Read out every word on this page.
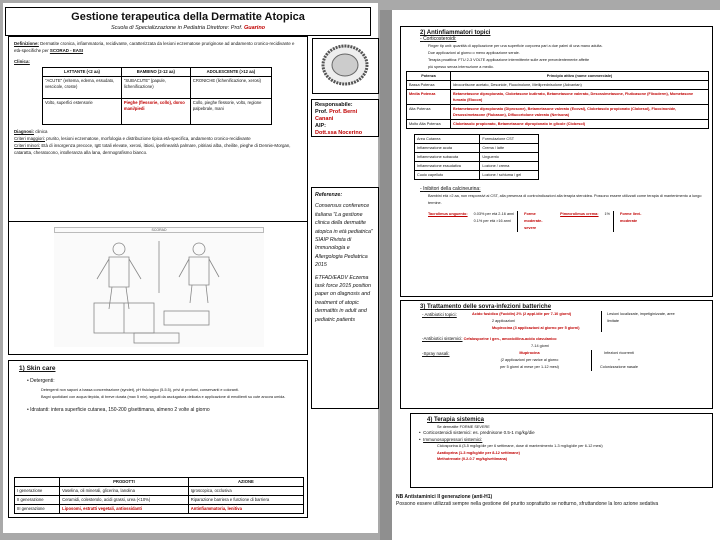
Gestione terapeutica della Dermatite Atopica
Scuola di Specializzazione in Pediatria Direttore: Prof. Guarino
Definizione: Dermatite cronica, infiammatoria, recidivante, caratterizzata da lesioni eczematose pruriginose ad andamento cronico-recidivante e età-specifiche per SCORAD - EASI
Clinica:
LATTANTE (<2 aa)	BAMBINO (2-12 aa)	ADOLESCENTE (>12 aa)
"ACUTE" (eritema, edema, essudato, vescicole, croste)	"SUBACUTE" (papule, lichenificazione)	CRONICHE (lichenificazione, xerosi)
Volto, superfici estensorie	Pieghe (flessorie, collo), dorso mani/piedi	Collo, pieghe flessorie, volto, regione palpebrale, mani
Diagnosi: clinica
Criteri maggiori: prurito, lesioni eczematose, morfologia e distribuzione tipica età-specifica, andamento cronico-recidivante
Criteri minori: Età di insorgenza precoce, IgE totali elevate, xerosi, ittiosi, iperlinearità palmare, pitiriasi alba, cheilite, pieghe di Dennie-Morgan, cataratta, cheratocono, intolleranza alla lana, dermografismo bianco.
SCORAD
Responsabile:
Prof. Prof. Berni Canani
AIP:
Dott.ssa Nocerino
Referenze:
Consensus conference italiana "La gestione clinica della dermatite atopica in età pediatrica" SIAIP Rivista di Immunologia e Allergologia Pediatrica 2015
ETFAD/EADV Eczema task force 2015 position paper on diagnosis and treatment of atopic dermatitis in adult and pediatric patients
1) Skin care
• Detergenti:
Detergenti non saponi a bassa concentrazione (syndet), pH fisiologico (5-5.5), privi di profumi, conservanti e coloranti.
Bagni quotidiani con acqua tiepida, di breve durata (max 5 min), seguiti da asciugatura delicata e applicazione di emollienti su cute ancora umida.
• Idratanti: intera superficie cutanea, 150-200 g/settimana, almeno 2 volte al giorno
	PRODOTTI	AZIONE
I generazione	Vaselina, oli minerali, glicerina, lanolina	Igroscopica, occlusiva
II generazione	Ceramidi, colesterolo, acidi grassi, urea (<10%)	Riparazione barriera e funzione di barriera
III generazione	Liposomi, estratti vegetali, antiossidanti	Antinfiammatoria, lenitiva
2) Antinfiammatori topici
- Corticosteroidi:
Finger tip unit: quantità di applicazione per una superficie corporea pari a due palmi di una mano adulta.
Due applicazioni al giorno o meno applicazione serale.
Terapia proattiva: FTU 2-3 VOLTE applicazione intermittente sulle aree precedentemente affette
più spesso senza interruzione a medio.
Potenza	Principio attivo (nome commerciale)
Bassa Potenza	Idrocortisone acetato, Desonide, Fluocinolone, Metilprednisolone (Advantan)
Media Potenza	Betametasone dipropionato, Clobetasone butirrato, Betametasone valerato, Desossimetasone, Fluticasone (Flixoderm), Mometasone furoato (Elocon)
Alta Potenza	Betametasone dipropionato (Diprosone), Betametasone valerato (Ecoval), Clobetasolo propionato (Clobesol), Fluocinonide, Desossimetasone (Flubason), Diflucortolone valerato (Nerisona)
Molto Alta Potenza	Clobetasolo propionato, Betametasone dipropionato in glicole (Clobesol)
Area Cutanea	Formulazione CST
Infiammazione acuta	Crema / latte
Infiammazione subacuta	Unguento
Infiammazione essudativa	Lozione / crema
Cuoio capelluto	Lozione / schiuma / gel
- Inibitori della calcineurina:
Bambini età >2 aa, non responsivi ai CST, alla presenza di controindicazioni alla terapia steroidea. Possono essere utilizzati come terapia di mantenimento a lungo termine.
Tacrolimus unguento: 0.03% per età 2-16 anni
0.1% per età >16 anni
Forme moderate-severe
Pimecrolimus crema: 1%	Forme lievi-moderate
3) Trattamento delle sovra-infezioni batteriche
- Antibiotici topici:	Acido fusidico (Fucidin) 2% (2 appl./die per 7-10 giorni)
2 applicazioni
Mupirocina (3 applicazioni al giorno per 5 giorni)
Lesioni localizzate, impetiginizzate, aree limitate
-Antibiotici sistemici: Cefalosporine I gen., amoxicillina-acido clavulanico
7-14 giorni
-Spray nasali:	Mupirocina
(2 applicazioni per narice al giorno
per 5 giorni al mese per 1-12 mesi)
Infezioni ricorrenti
+
Colonizzazione nasale
4) Terapia sistemica
Se dermatite FORME SEVERE
•  Corticosteroidi sistemici: es. prednisone 0.5-1 mg/kg/die
•  Immunosoppressori sistemici:
Ciclosporina A (3-5 mg/kg/die per 6 settimane, dose di mantenimento 1-3 mg/kg/die per 6-12 mesi)
Azatioprina (1-3 mg/kg/die per 8-12 settimane)
Methotrexate (0.2-0.7 mg/kg/settimana)
NB Antistaminici II generazione (anti-H1)
Possono essere utilizzati sempre nella gestione del prurito soprattutto se notturno, sfruttandone la loro azione sedativa
